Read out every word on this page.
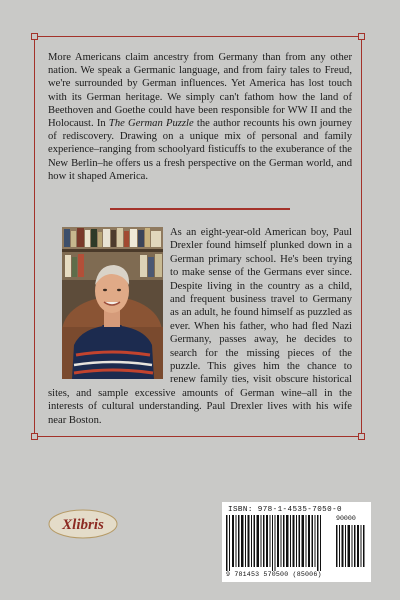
More Americans claim ancestry from Germany than from any other nation. We speak a Germanic language, and from fairy tales to Freud, we're surrounded by German influences. Yet America has lost touch with its German heritage. We simply can't fathom how the land of Beethoven and Goethe could have been responsible for WW II and the Holocaust. In The German Puzzle the author recounts his own journey of rediscovery. Drawing on a unique mix of personal and family experience–ranging from schoolyard fisticuffs to the exuberance of the New Berlin–he offers us a fresh perspective on the German world, and how it shaped America.
As an eight-year-old American boy, Paul Drexler found himself plunked down in a German primary school. He's been trying to make sense of the Germans ever since. Despite living in the country as a child, and frequent business travel to Germany as an adult, he found himself as puzzled as ever. When his father, who had fled Nazi Germany, passes away, he decides to search for the missing pieces of the puzzle. This gives him the chance to renew family ties, visit obscure historical sites, and sample excessive amounts of German wine–all in the interests of cultural understanding. Paul Drexler lives with his wife near Boston.
Xlibris
ISBN: 978-1-4535-7050-0
90000
9 781453 570500 (85006)
